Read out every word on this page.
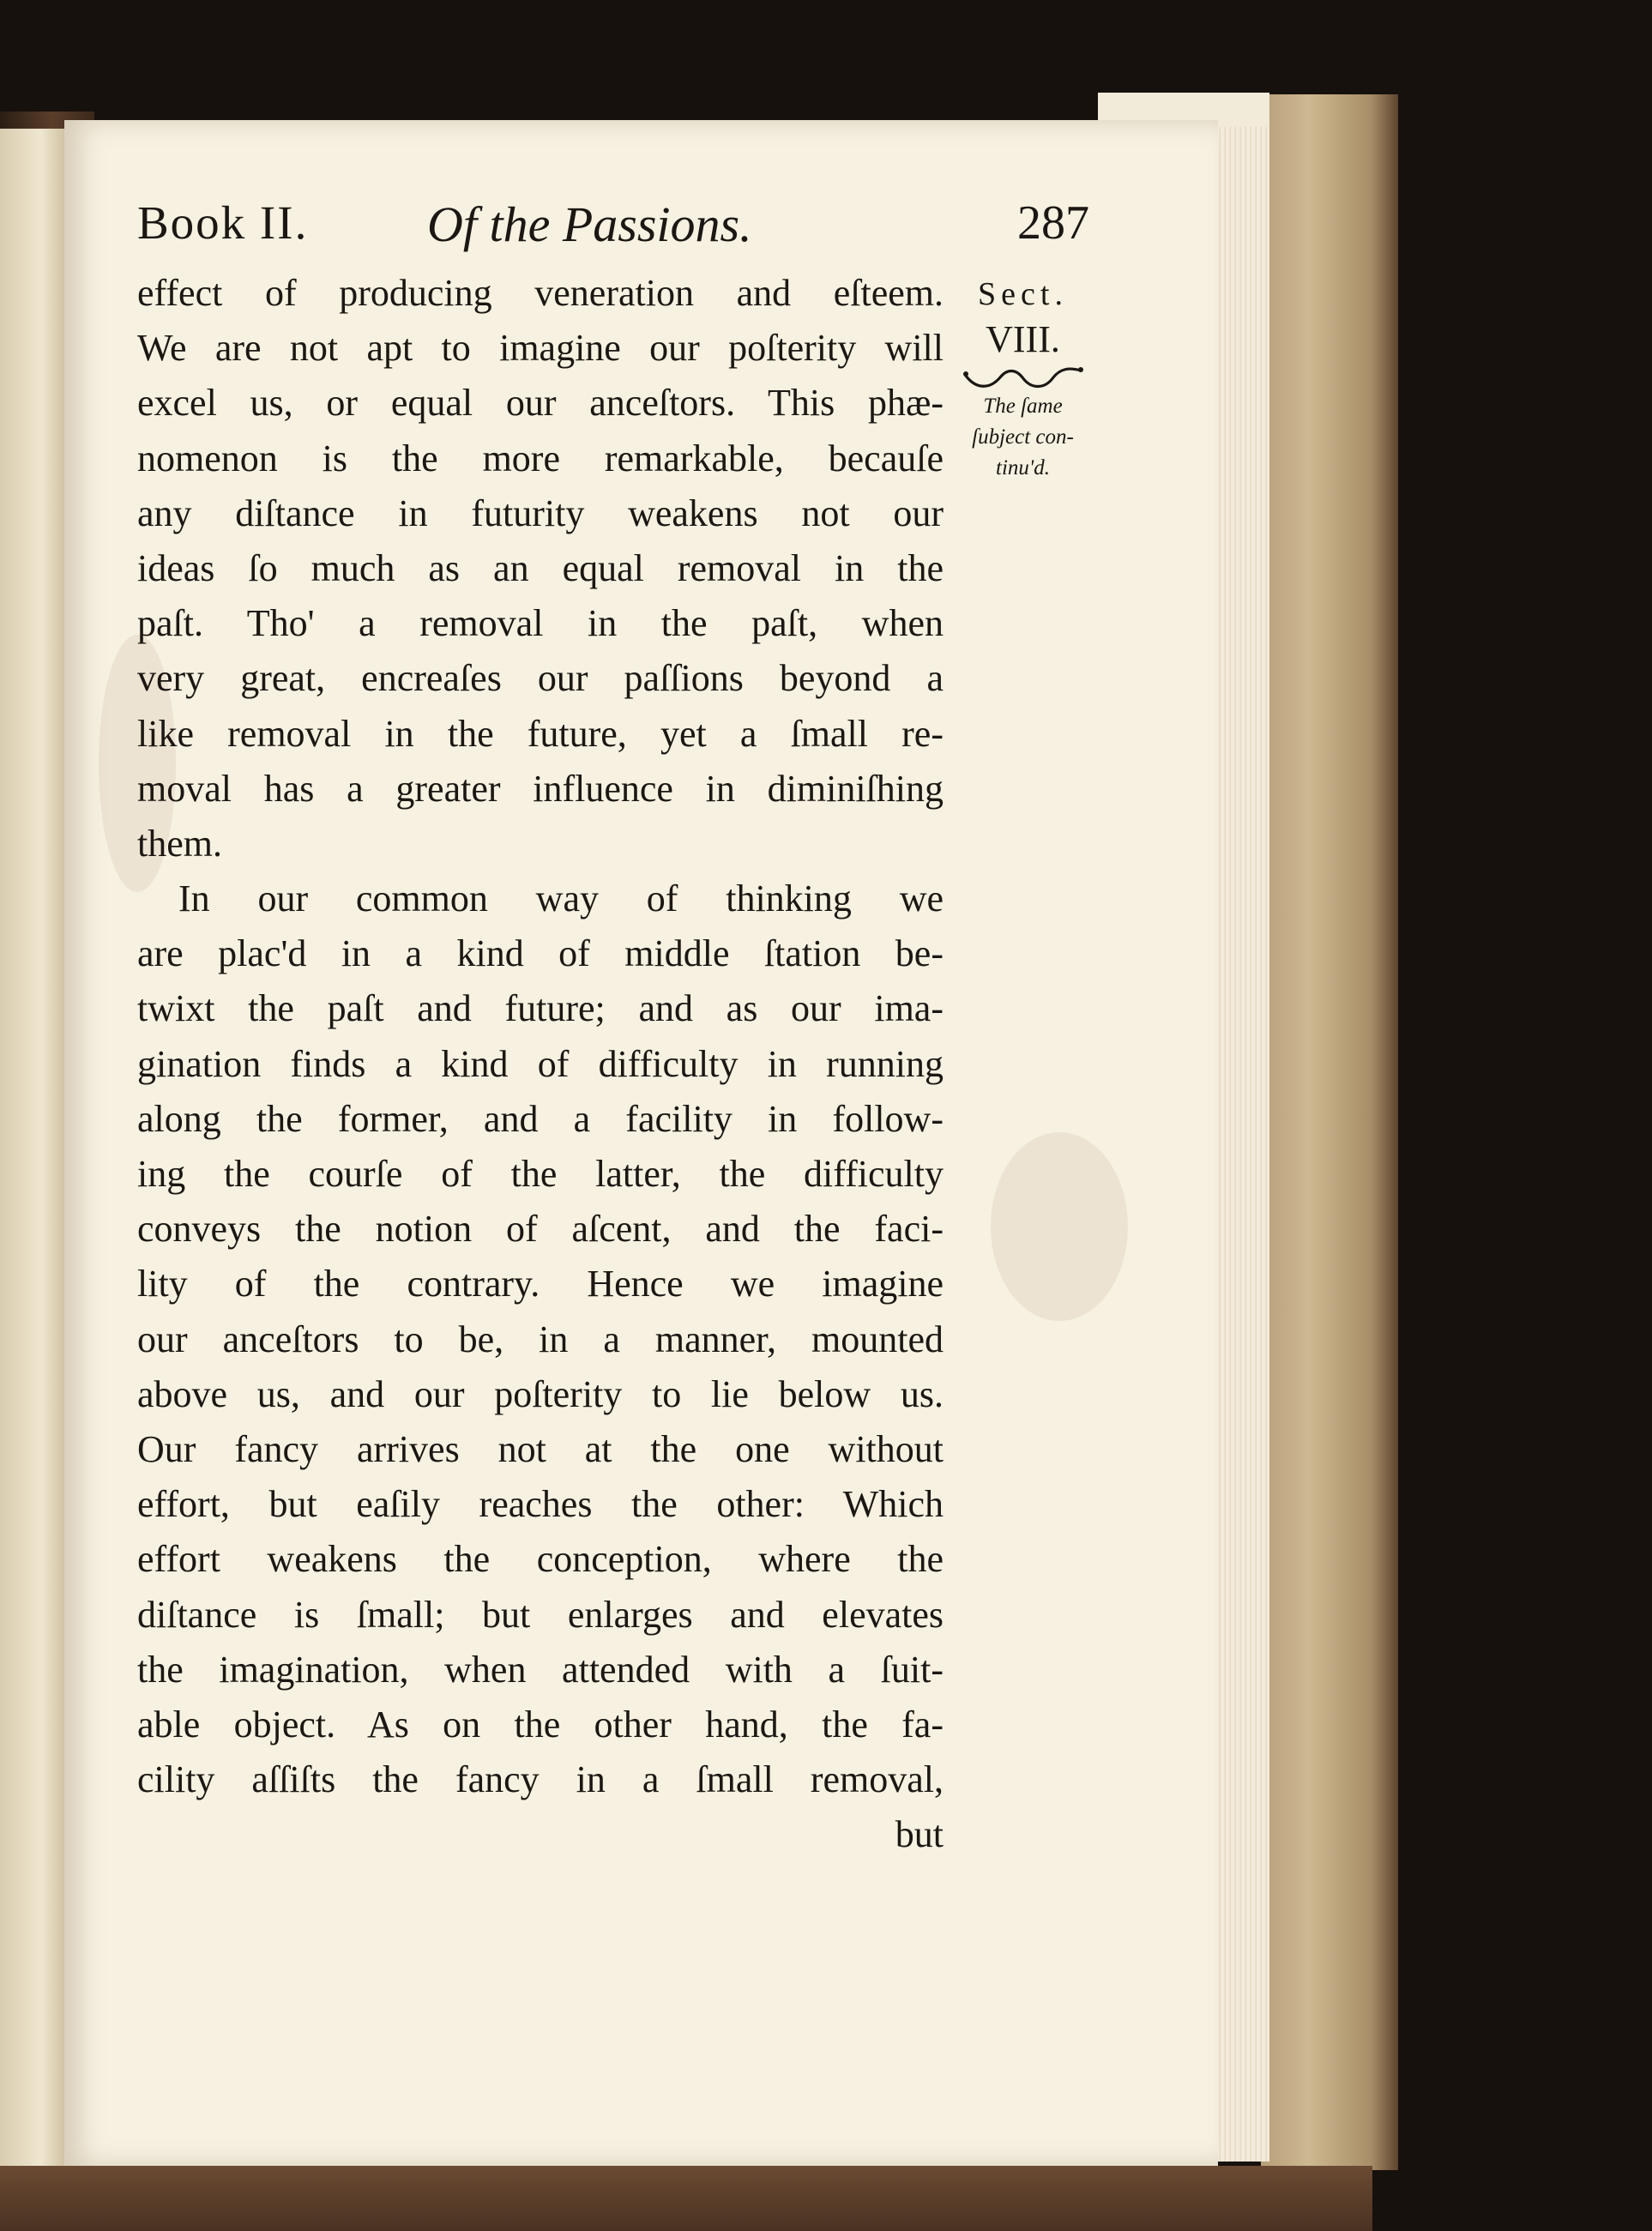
Book II. Of the Passions.	287
effect of producing veneration and eſteem.
We are not apt to imagine our poſterity will
excel us, or equal our anceſtors. This phæ-
nomenon is the more remarkable, becauſe
any diſtance in futurity weakens not our
ideas ſo much as an equal removal in the
paſt. Tho' a removal in the paſt, when
very great, encreaſes our paſſions beyond a
like removal in the future, yet a ſmall re-
moval has a greater influence in diminiſhing
them.
In our common way of thinking we
are plac'd in a kind of middle ſtation be-
twixt the paſt and future; and as our ima-
gination finds a kind of difficulty in running
along the former, and a facility in follow-
ing the courſe of the latter, the difficulty
conveys the notion of aſcent, and the faci-
lity of the contrary. Hence we imagine
our anceſtors to be, in a manner, mounted
above us, and our poſterity to lie below us.
Our fancy arrives not at the one without
effort, but eaſily reaches the other: Which
effort weakens the conception, where the
diſtance is ſmall; but enlarges and elevates
the imagination, when attended with a ſuit-
able object. As on the other hand, the fa-
cility aſſiſts the fancy in a ſmall removal,
but
Sect.
VIII.
The ſame
ſubject con-
tinu'd.
